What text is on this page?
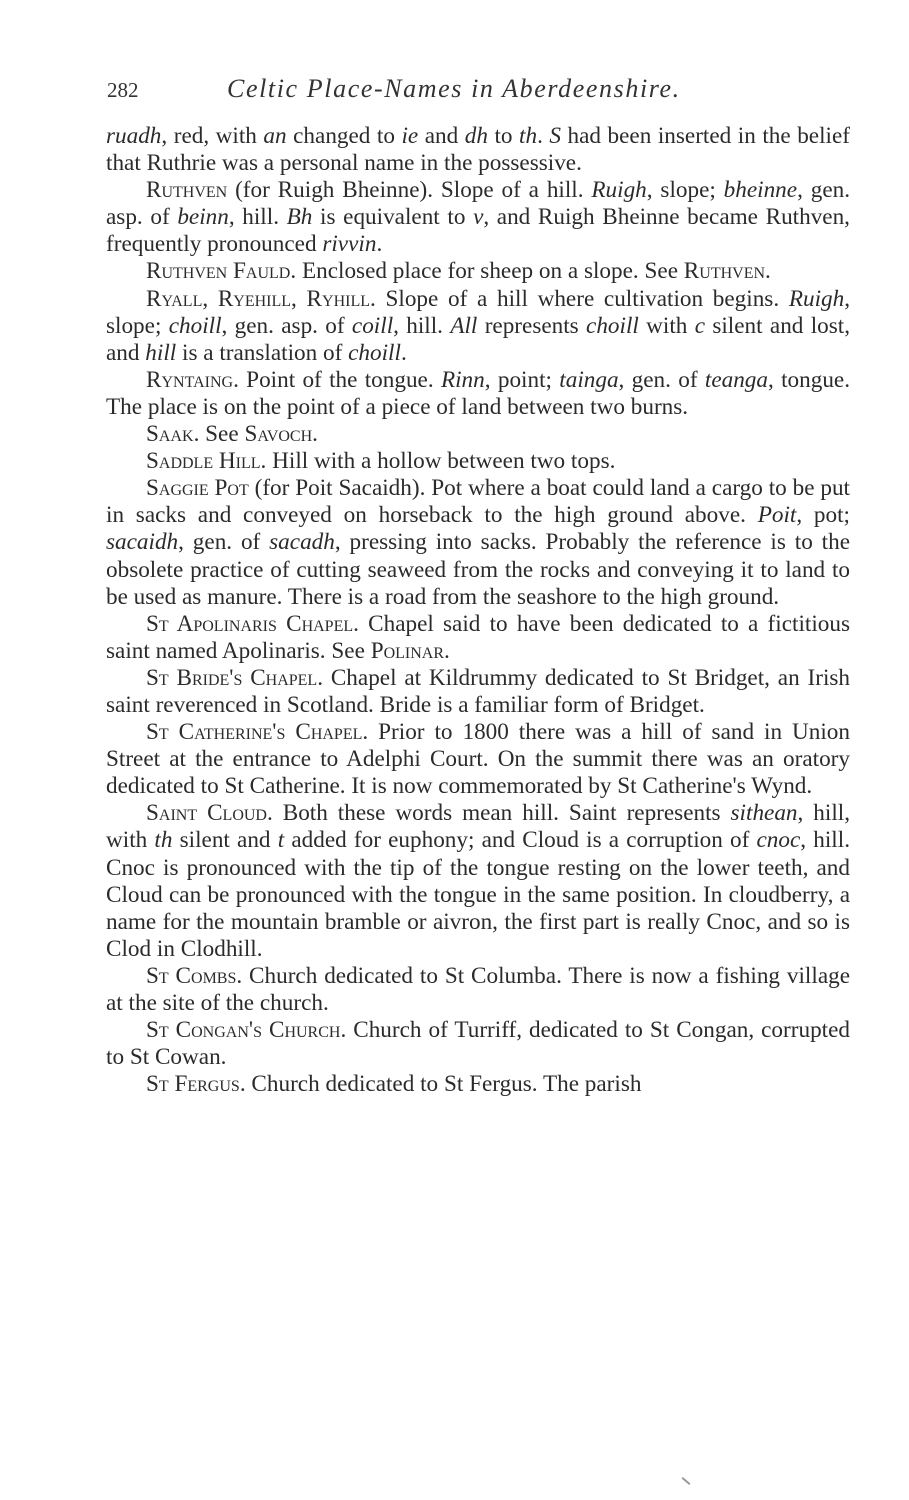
282	Celtic Place-Names in Aberdeenshire.

ruadh, red, with an changed to ie and dh to th. S had been inserted in the belief that Ruthrie was a personal name in the possessive.

Ruthven (for Ruigh Bheinne). Slope of a hill. Ruigh, slope; bheinne, gen. asp. of beinn, hill. Bh is equivalent to v, and Ruigh Bheinne became Ruthven, frequently pronounced rivvin.

Ruthven Fauld. Enclosed place for sheep on a slope. See Ruthven.

Ryall, Ryehill, Ryhill. Slope of a hill where cultivation begins. Ruigh, slope; choill, gen. asp. of coill, hill. All represents choill with c silent and lost, and hill is a translation of choill.

Ryntaing. Point of the tongue. Rinn, point; tainga, gen. of teanga, tongue. The place is on the point of a piece of land between two burns.

Saak. See Savoch.

Saddle Hill. Hill with a hollow between two tops.

Saggie Pot (for Poit Sacaidh). Pot where a boat could land a cargo to be put in sacks and conveyed on horseback to the high ground above. Poit, pot; sacaidh, gen. of sacadh, pressing into sacks. Probably the reference is to the obsolete practice of cutting seaweed from the rocks and conveying it to land to be used as manure. There is a road from the seashore to the high ground.

St Apolinaris Chapel. Chapel said to have been dedicated to a fictitious saint named Apolinaris. See Polinar.

St Bride's Chapel. Chapel at Kildrummy dedicated to St Bridget, an Irish saint reverenced in Scotland. Bride is a familiar form of Bridget.

St Catherine's Chapel. Prior to 1800 there was a hill of sand in Union Street at the entrance to Adelphi Court. On the summit there was an oratory dedicated to St Catherine. It is now commemorated by St Catherine's Wynd.

Saint Cloud. Both these words mean hill. Saint represents sithean, hill, with th silent and t added for euphony; and Cloud is a corruption of cnoc, hill. Cnoc is pronounced with the tip of the tongue resting on the lower teeth, and Cloud can be pronounced with the tongue in the same position. In cloudberry, a name for the mountain bramble or aivron, the first part is really Cnoc, and so is Clod in Clodhill.

St Combs. Church dedicated to St Columba. There is now a fishing village at the site of the church.

St Congan's Church. Church of Turriff, dedicated to St Congan, corrupted to St Cowan.

St Fergus. Church dedicated to St Fergus. The parish
